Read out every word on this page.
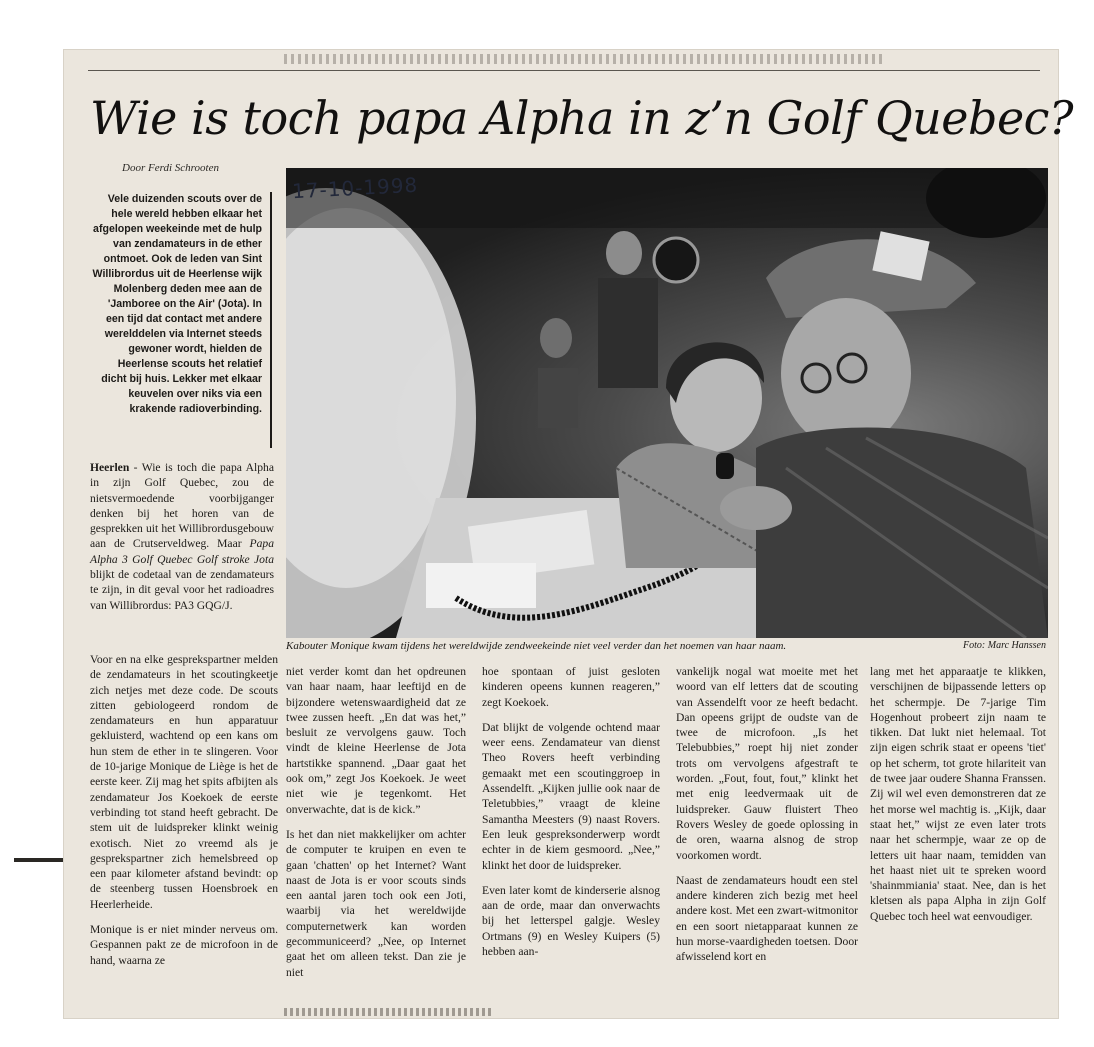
Wie is toch papa Alpha in z’n Golf Quebec?
Door Ferdi Schrooten
Vele duizenden scouts over de hele wereld hebben elkaar het afgelopen weekeinde met de hulp van zendamateurs in de ether ontmoet. Ook de leden van Sint Willibrordus uit de Heerlense wijk Molenberg deden mee aan de 'Jamboree on the Air' (Jota). In een tijd dat contact met andere werelddelen via Internet steeds gewoner wordt, hielden de Heerlense scouts het relatief dicht bij huis. Lekker met elkaar keuvelen over niks via een krakende radioverbinding.
17-10-1998
Kabouter Monique kwam tijdens het wereldwijde zendweekeinde niet veel verder dan het noemen van haar naam.	Foto: Marc Hanssen

Heerlen - Wie is toch die papa Alpha in zijn Golf Quebec, zou de nietsvermoedende voorbijganger denken bij het horen van de gesprekken uit het Willibrordusgebouw aan de Crutserveldweg. Maar Papa Alpha 3 Golf Quebec Golf stroke Jota blijkt de codetaal van de zendamateurs te zijn, in dit geval voor het radioadres van Willibrordus: PA3 GQG/J.

Voor en na elke gesprekspartner melden de zendamateurs in het scoutingkeetje zich netjes met deze code. De scouts zitten gebiologeerd rondom de zendamateurs en hun apparatuur gekluisterd, wachtend op een kans om hun stem de ether in te slingeren. Voor de 10-jarige Monique de Liège is het de eerste keer. Zij mag het spits afbijten als zendamateur Jos Koekoek de eerste verbinding tot stand heeft gebracht. De stem uit de luidspreker klinkt weinig exotisch. Niet zo vreemd als je gesprekspartner zich hemelsbreed op een paar kilometer afstand bevindt: op de steenberg tussen Hoensbroek en Heerlerheide.

Monique is er niet minder nerveus om. Gespannen pakt ze de microfoon in de hand, waarna ze

niet verder komt dan het opdreunen van haar naam, haar leeftijd en de bijzondere wetenswaardigheid dat ze twee zussen heeft. „En dat was het,” besluit ze vervolgens gauw. Toch vindt de kleine Heerlense de Jota hartstikke spannend. „Daar gaat het ook om,” zegt Jos Koekoek. Je weet niet wie je tegenkomt. Het onverwachte, dat is de kick.”

Is het dan niet makkelijker om achter de computer te kruipen en even te gaan 'chatten' op het Internet? Want naast de Jota is er voor scouts sinds een aantal jaren toch ook een Joti, waarbij via het wereldwijde computernetwerk kan worden gecommuniceerd? „Nee, op Internet gaat het om alleen tekst. Dan zie je niet

hoe spontaan of juist gesloten kinderen opeens kunnen reageren,” zegt Koekoek.

Dat blijkt de volgende ochtend maar weer eens. Zendamateur van dienst Theo Rovers heeft verbinding gemaakt met een scoutinggroep in Assendelft. „Kijken jullie ook naar de Teletubbies,” vraagt de kleine Samantha Meesters (9) naast Rovers. Een leuk gespreksonderwerp wordt echter in de kiem gesmoord. „Nee,” klinkt het door de luidspreker.

Even later komt de kinderserie alsnog aan de orde, maar dan onverwachts bij het letterspel galgje. Wesley Ortmans (9) en Wesley Kuipers (5) hebben aan-

vankelijk nogal wat moeite met het woord van elf letters dat de scouting van Assendelft voor ze heeft bedacht. Dan opeens grijpt de oudste van de twee de microfoon. „Is het Telebubbies,” roept hij niet zonder trots om vervolgens afgestraft te worden. „Fout, fout, fout,” klinkt het met enig leedvermaak uit de luidspreker. Gauw fluistert Theo Rovers Wesley de goede oplossing in de oren, waarna alsnog de strop voorkomen wordt.

Naast de zendamateurs houdt een stel andere kinderen zich bezig met heel andere kost. Met een zwart-witmonitor en een soort nietapparaat kunnen ze hun morse-vaardigheden toetsen. Door afwisselend kort en

lang met het apparaatje te klikken, verschijnen de bijpassende letters op het schermpje. De 7-jarige Tim Hogenhout probeert zijn naam te tikken. Dat lukt niet helemaal. Tot zijn eigen schrik staat er opeens 'tiet' op het scherm, tot grote hilariteit van de twee jaar oudere Shanna Franssen. Zij wil wel even demonstreren dat ze het morse wel machtig is. „Kijk, daar staat het,” wijst ze even later trots naar het schermpje, waar ze op de letters uit haar naam, temidden van het haast niet uit te spreken woord 'shainmmiania' staat. Nee, dan is het kletsen als papa Alpha in zijn Golf Quebec toch heel wat eenvoudiger.
